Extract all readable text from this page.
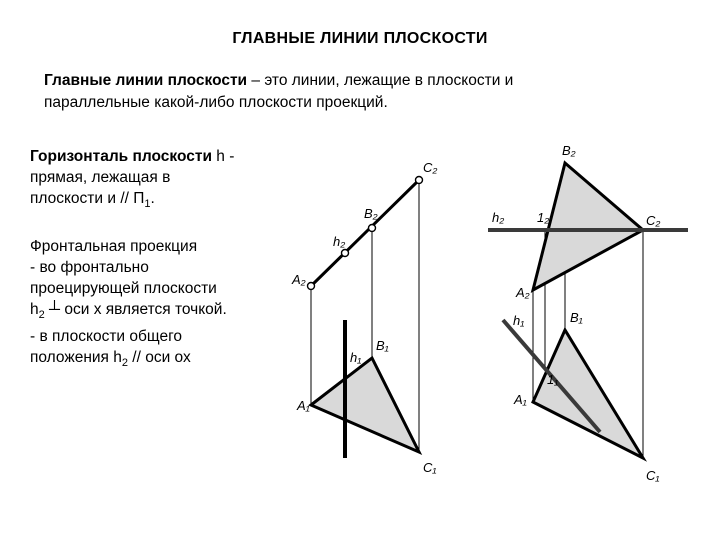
ГЛАВНЫЕ ЛИНИИ ПЛОСКОСТИ
Главные линии плоскости – это линии, лежащие в плоскости и
параллельные какой-либо плоскости проекций.
Горизонталь плоскости h -
прямая, лежащая в
плоскости и // $П_1$.
Фронтальная проекция
- во фронтально
проецирующей плоскости
$h_2$ ┴ оси х является точкой.
- в плоскости общего
положения $h_2$ // оси ох
C₂
B₂
h₂
A₂
h₁
B₁
A₁
C₁
B₂
h₂	1₂	C₂
A₂
h₁	B₁
1₁
A₁
C₁
